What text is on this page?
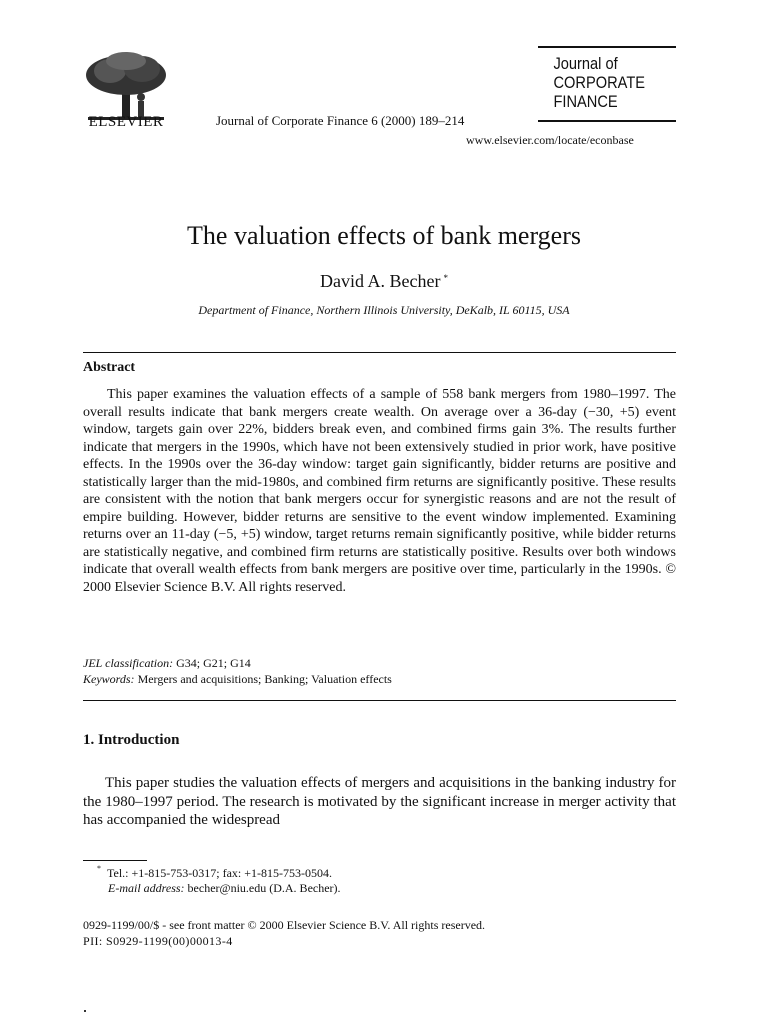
ELSEVIER	Journal of Corporate Finance 6 (2000) 189–214
Journal of
CORPORATE
FINANCE
www.elsevier.com/locate/econbase
The valuation effects of bank mergers
David A. Becher *
Department of Finance, Northern Illinois University, DeKalb, IL 60115, USA
Abstract
This paper examines the valuation effects of a sample of 558 bank mergers from 1980–1997. The overall results indicate that bank mergers create wealth. On average over a 36-day (−30, +5) event window, targets gain over 22%, bidders break even, and combined firms gain 3%. The results further indicate that mergers in the 1990s, which have not been extensively studied in prior work, have positive effects. In the 1990s over the 36-day window: target gain significantly, bidder returns are positive and statistically larger than the mid-1980s, and combined firm returns are significantly positive. These results are consistent with the notion that bank mergers occur for synergistic reasons and are not the result of empire building. However, bidder returns are sensitive to the event window implemented. Examining returns over an 11-day (−5, +5) window, target returns remain significantly positive, while bidder returns are statistically negative, and combined firm returns are statistically positive. Results over both windows indicate that overall wealth effects from bank mergers are positive over time, particularly in the 1990s. © 2000 Elsevier Science B.V. All rights reserved.
JEL classification: G34; G21; G14
Keywords: Mergers and acquisitions; Banking; Valuation effects
1. Introduction
This paper studies the valuation effects of mergers and acquisitions in the banking industry for the 1980–1997 period. The research is motivated by the significant increase in merger activity that has accompanied the widespread
* Tel.: +1-815-753-0317; fax: +1-815-753-0504.
E-mail address: becher@niu.edu (D.A. Becher).
0929-1199/00/$ - see front matter © 2000 Elsevier Science B.V. All rights reserved.
PII: S0929-1199(00)00013-4
